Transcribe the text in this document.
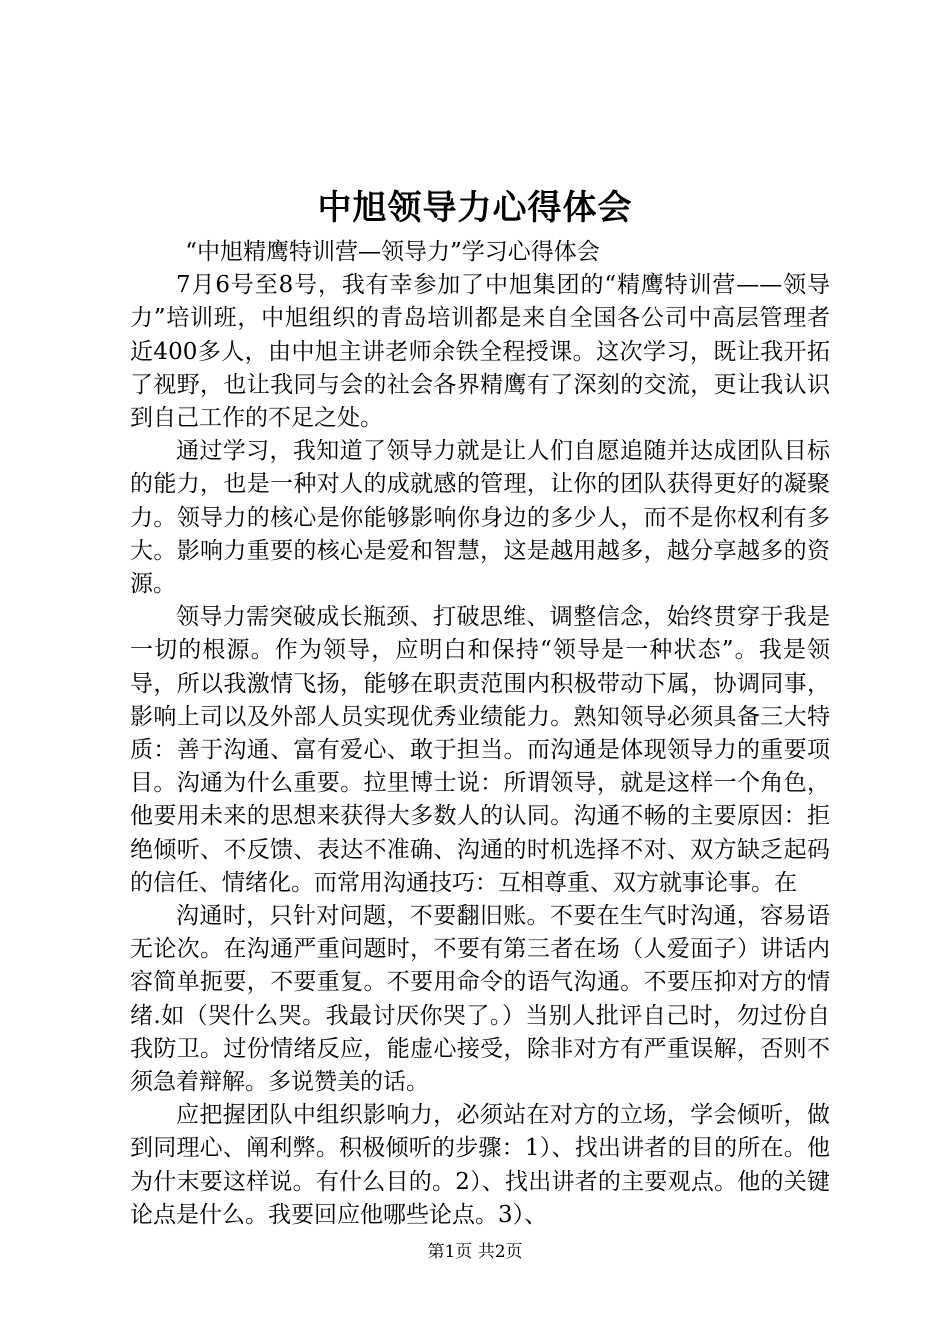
中旭领导力心得体会

“中旭精鹰特训营—领导力”学习心得体会

7月6号至8号，我有幸参加了中旭集团的“精鹰特训营——领导力”培训班，中旭组织的青岛培训都是来自全国各公司中高层管理者近400多人，由中旭主讲老师余铁全程授课。这次学习，既让我开拓了视野，也让我同与会的社会各界精鹰有了深刻的交流，更让我认识到自己工作的不足之处。

通过学习，我知道了领导力就是让人们自愿追随并达成团队目标的能力，也是一种对人的成就感的管理，让你的团队获得更好的凝聚力。领导力的核心是你能够影响你身边的多少人，而不是你权利有多大。影响力重要的核心是爱和智慧，这是越用越多，越分享越多的资源。

领导力需突破成长瓶颈、打破思维、调整信念，始终贯穿于我是一切的根源。作为领导，应明白和保持“领导是一种状态”。我是领导，所以我激情飞扬，能够在职责范围内积极带动下属，协调同事，影响上司以及外部人员实现优秀业绩能力。熟知领导必须具备三大特质：善于沟通、富有爱心、敢于担当。而沟通是体现领导力的重要项目。沟通为什么重要。拉里博士说：所谓领导，就是这样一个角色，他要用未来的思想来获得大多数人的认同。沟通不畅的主要原因：拒绝倾听、不反馈、表达不准确、沟通的时机选择不对、双方缺乏起码的信任、情绪化。而常用沟通技巧：互相尊重、双方就事论事。在

沟通时，只针对问题，不要翻旧账。不要在生气时沟通，容易语无论次。在沟通严重问题时，不要有第三者在场（人爱面子）讲话内容简单扼要，不要重复。不要用命令的语气沟通。不要压抑对方的情绪.如（哭什么哭。我最讨厌你哭了。）当别人批评自己时，勿过份自我防卫。过份情绪反应，能虚心接受，除非对方有严重误解，否则不须急着辩解。多说赞美的话。

应把握团队中组织影响力，必须站在对方的立场，学会倾听，做到同理心、阐利弊。积极倾听的步骤：1）、找出讲者的目的所在。他为什末要这样说。有什么目的。2）、找出讲者的主要观点。他的关键论点是什么。我要回应他哪些论点。3）、

第1页 共2页
